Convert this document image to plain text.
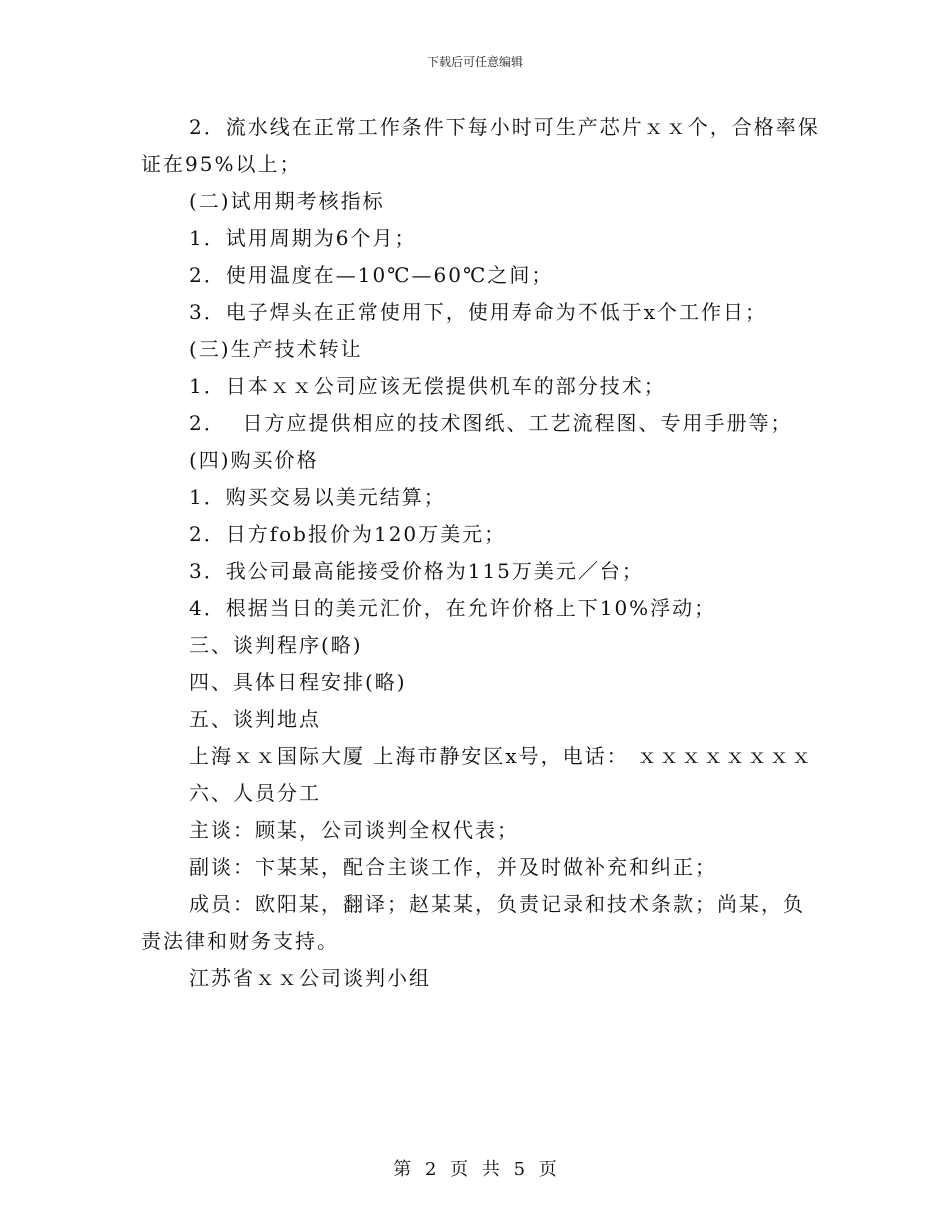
下载后可任意编辑
2．流水线在正常工作条件下每小时可生产芯片ｘｘ个，合格率保
证在95%以上；
(二)试用期考核指标
1．试用周期为6个月；
2．使用温度在—10℃—60℃之间；
3．电子焊头在正常使用下，使用寿命为不低于x个工作日；
(三)生产技术转让
1．日本ｘｘ公司应该无偿提供机车的部分技术；
2．  日方应提供相应的技术图纸、工艺流程图、专用手册等；
(四)购买价格
1．购买交易以美元结算；
2．日方fob报价为120万美元；
3．我公司最高能接受价格为115万美元／台；
4．根据当日的美元汇价，在允许价格上下10%浮动；
三、谈判程序(略)
四、具体日程安排(略)
五、谈判地点
上海ｘｘ国际大厦 上海市静安区x号，电话： ｘｘｘｘｘｘｘｘ
六、人员分工
主谈：顾某，公司谈判全权代表；
副谈：卞某某，配合主谈工作，并及时做补充和纠正；
成员：欧阳某，翻译；赵某某，负责记录和技术条款；尚某，负
责法律和财务支持。
江苏省ｘｘ公司谈判小组
第 2 页 共 5 页
